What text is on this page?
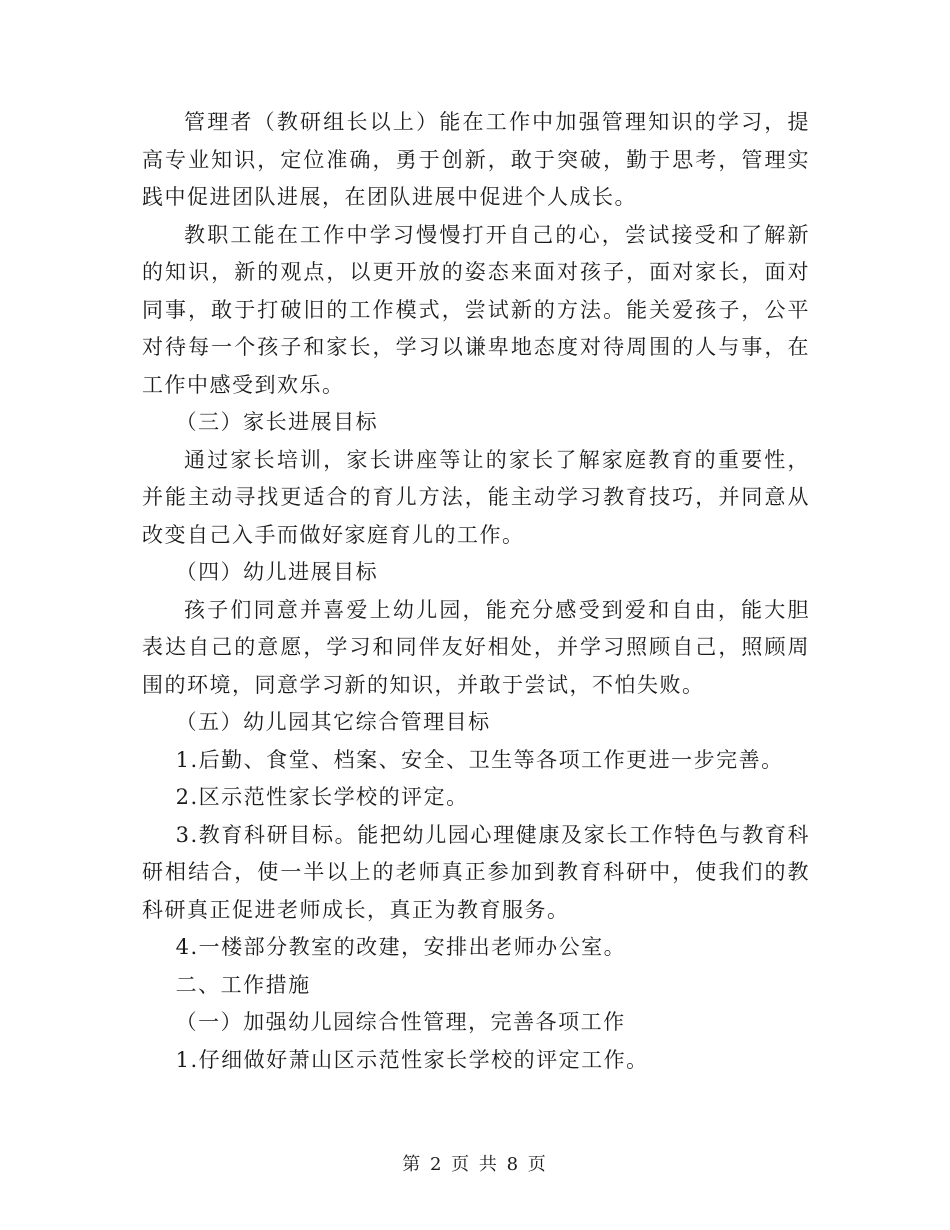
管理者（教研组长以上）能在工作中加强管理知识的学习，提高专业知识，定位准确，勇于创新，敢于突破，勤于思考，管理实践中促进团队进展，在团队进展中促进个人成长。

教职工能在工作中学习慢慢打开自己的心，尝试接受和了解新的知识，新的观点，以更开放的姿态来面对孩子，面对家长，面对同事，敢于打破旧的工作模式，尝试新的方法。能关爱孩子，公平对待每一个孩子和家长，学习以谦卑地态度对待周围的人与事，在工作中感受到欢乐。

（三）家长进展目标

通过家长培训，家长讲座等让的家长了解家庭教育的重要性，并能主动寻找更适合的育儿方法，能主动学习教育技巧，并同意从改变自己入手而做好家庭育儿的工作。

（四）幼儿进展目标

孩子们同意并喜爱上幼儿园，能充分感受到爱和自由，能大胆表达自己的意愿，学习和同伴友好相处，并学习照顾自己，照顾周围的环境，同意学习新的知识，并敢于尝试，不怕失败。

（五）幼儿园其它综合管理目标

1.后勤、食堂、档案、安全、卫生等各项工作更进一步完善。

2.区示范性家长学校的评定。

3.教育科研目标。能把幼儿园心理健康及家长工作特色与教育科研相结合，使一半以上的老师真正参加到教育科研中，使我们的教科研真正促进老师成长，真正为教育服务。

4.一楼部分教室的改建，安排出老师办公室。

二、工作措施

（一）加强幼儿园综合性管理，完善各项工作

1.仔细做好萧山区示范性家长学校的评定工作。

第 2 页 共 8 页
